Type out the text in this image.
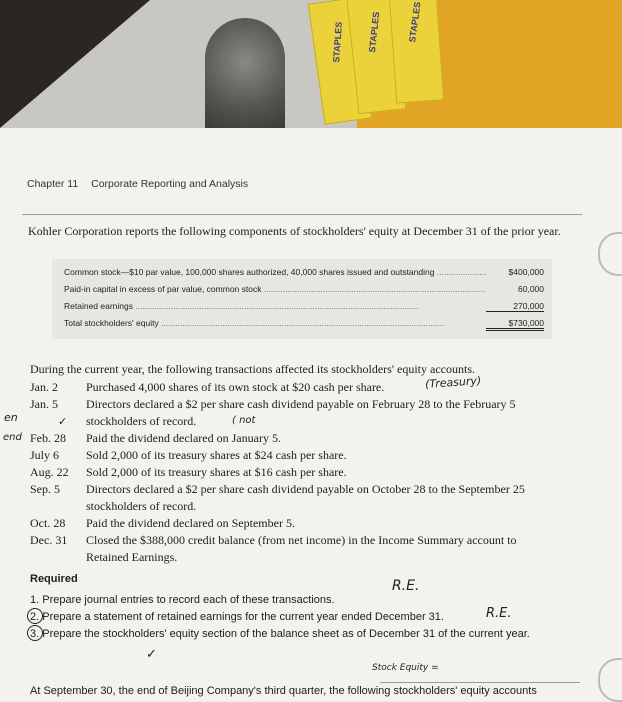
STAPLES	STAPLES	STAPLES
Chapter 11 Corporate Reporting and Analysis
Kohler Corporation reports the following components of stockholders' equity at December 31 of the prior year.
Common stock—$10 par value, 100,000 shares authorized, 40,000 shares issued and outstanding .....	$400,000
Paid-in capital in excess of par value, common stock .....	60,000
Retained earnings .....	270,000
Total stockholders' equity .....	$730,000
During the current year, the following transactions affected its stockholders' equity accounts.
Jan. 2	Purchased 4,000 shares of its own stock at $20 cash per share.
Jan. 5	Directors declared a $2 per share cash dividend payable on February 28 to the February 5
stockholders of record.
Feb. 28	Paid the dividend declared on January 5.
July 6	Sold 2,000 of its treasury shares at $24 cash per share.
Aug. 22	Sold 2,000 of its treasury shares at $16 cash per share.
Sep. 5	Directors declared a $2 per share cash dividend payable on October 28 to the September 25
stockholders of record.
Oct. 28	Paid the dividend declared on September 5.
Dec. 31	Closed the $388,000 credit balance (from net income) in the Income Summary account to
Retained Earnings.
(Treasury)
en	✓
end
( not
Required	R.E.
1. Prepare journal entries to record each of these transactions.
2. Prepare a statement of retained earnings for the current year ended December 31.	R.E.
3. Prepare the stockholders' equity section of the balance sheet as of December 31 of the current year.
✓
Stock Equity =
At September 30, the end of Beijing Company's third quarter, the following stockholders' equity accounts
